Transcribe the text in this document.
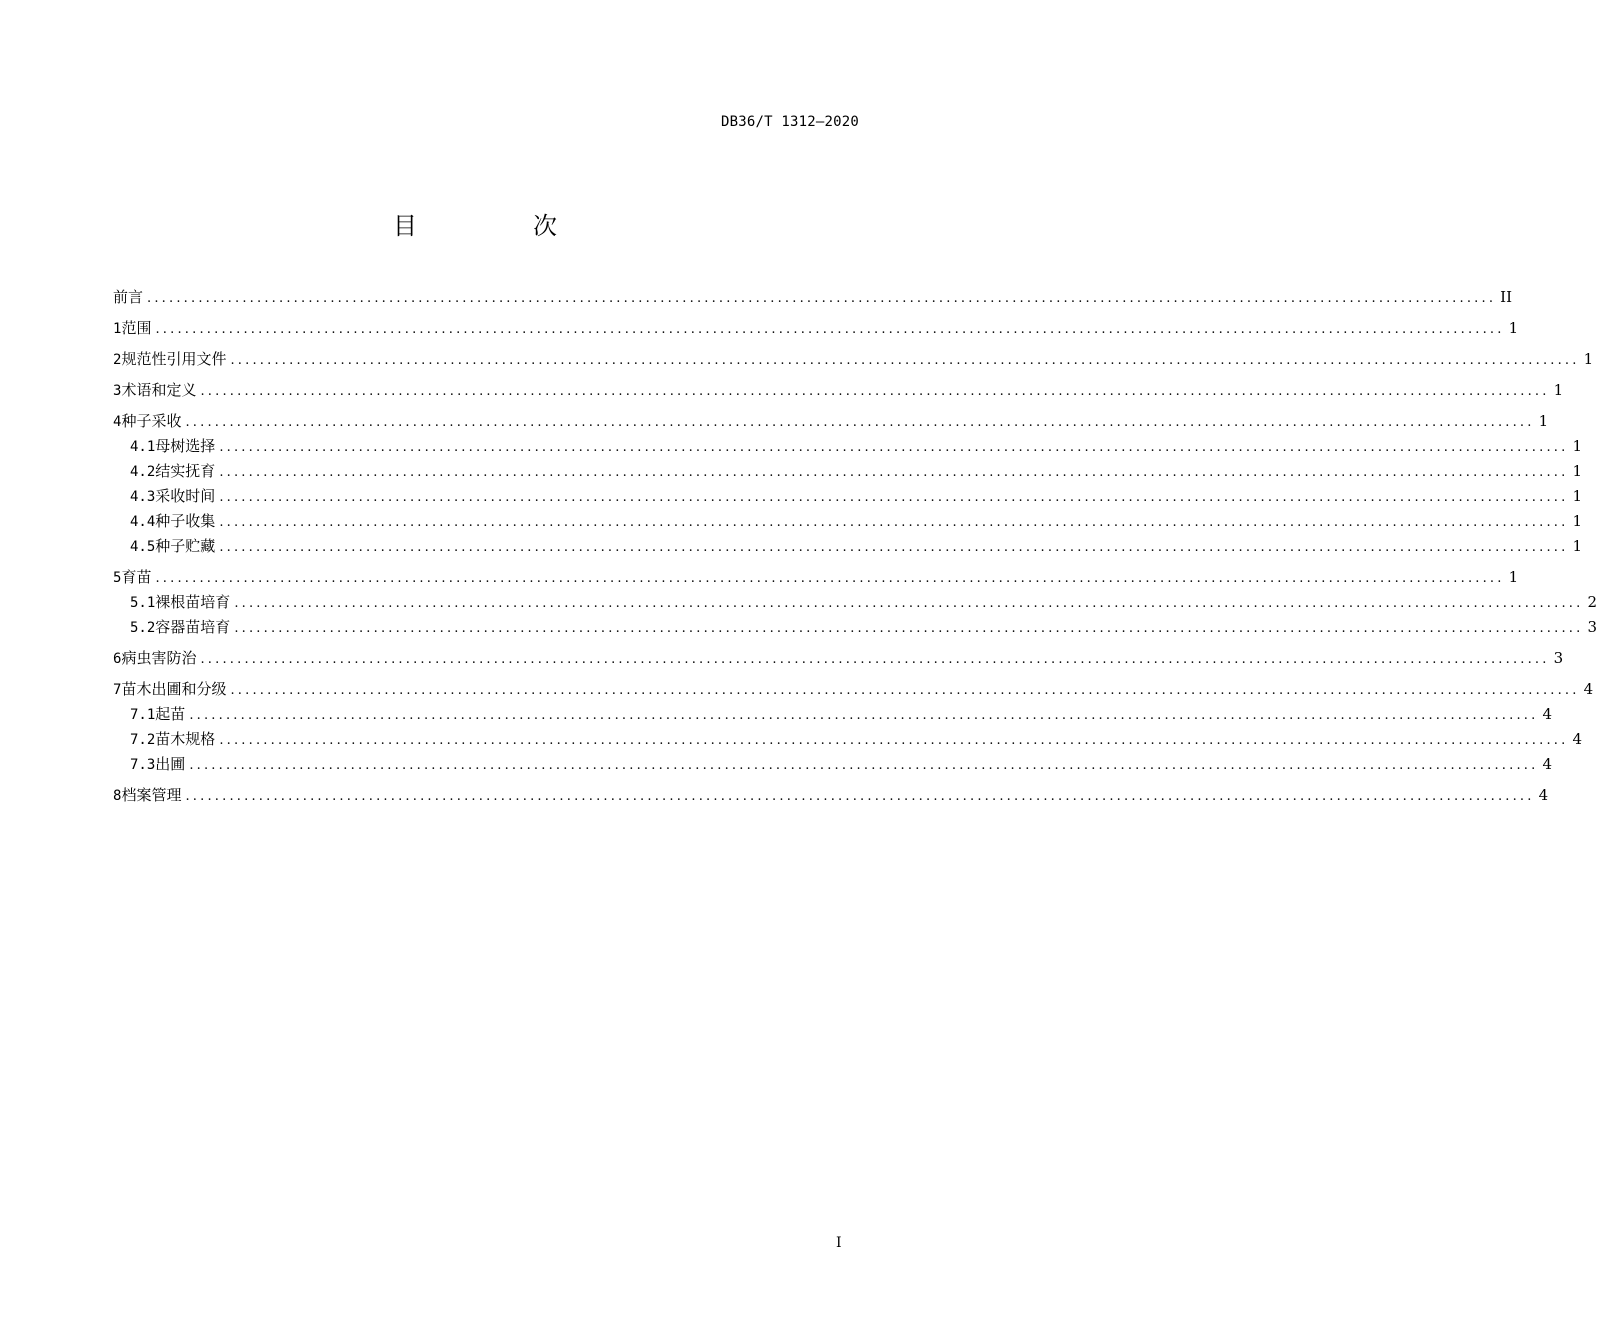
DB36/T 1312—2020
目　次
前言 .....	II
1 范围 .....	1
2 规范性引用文件 .....	1
3 术语和定义 .....	1
4 种子采收 .....	1
4.1 母树选择 .....	1
4.2 结实抚育 .....	1
4.3 采收时间 .....	1
4.4 种子收集 .....	1
4.5 种子贮藏 .....	1
5 育苗 .....	1
5.1 裸根苗培育 .....	2
5.2 容器苗培育 .....	3
6 病虫害防治 .....	3
7 苗木出圃和分级 .....	4
7.1 起苗 .....	4
7.2 苗木规格 .....	4
7.3 出圃 .....	4
8 档案管理 .....	4
I
